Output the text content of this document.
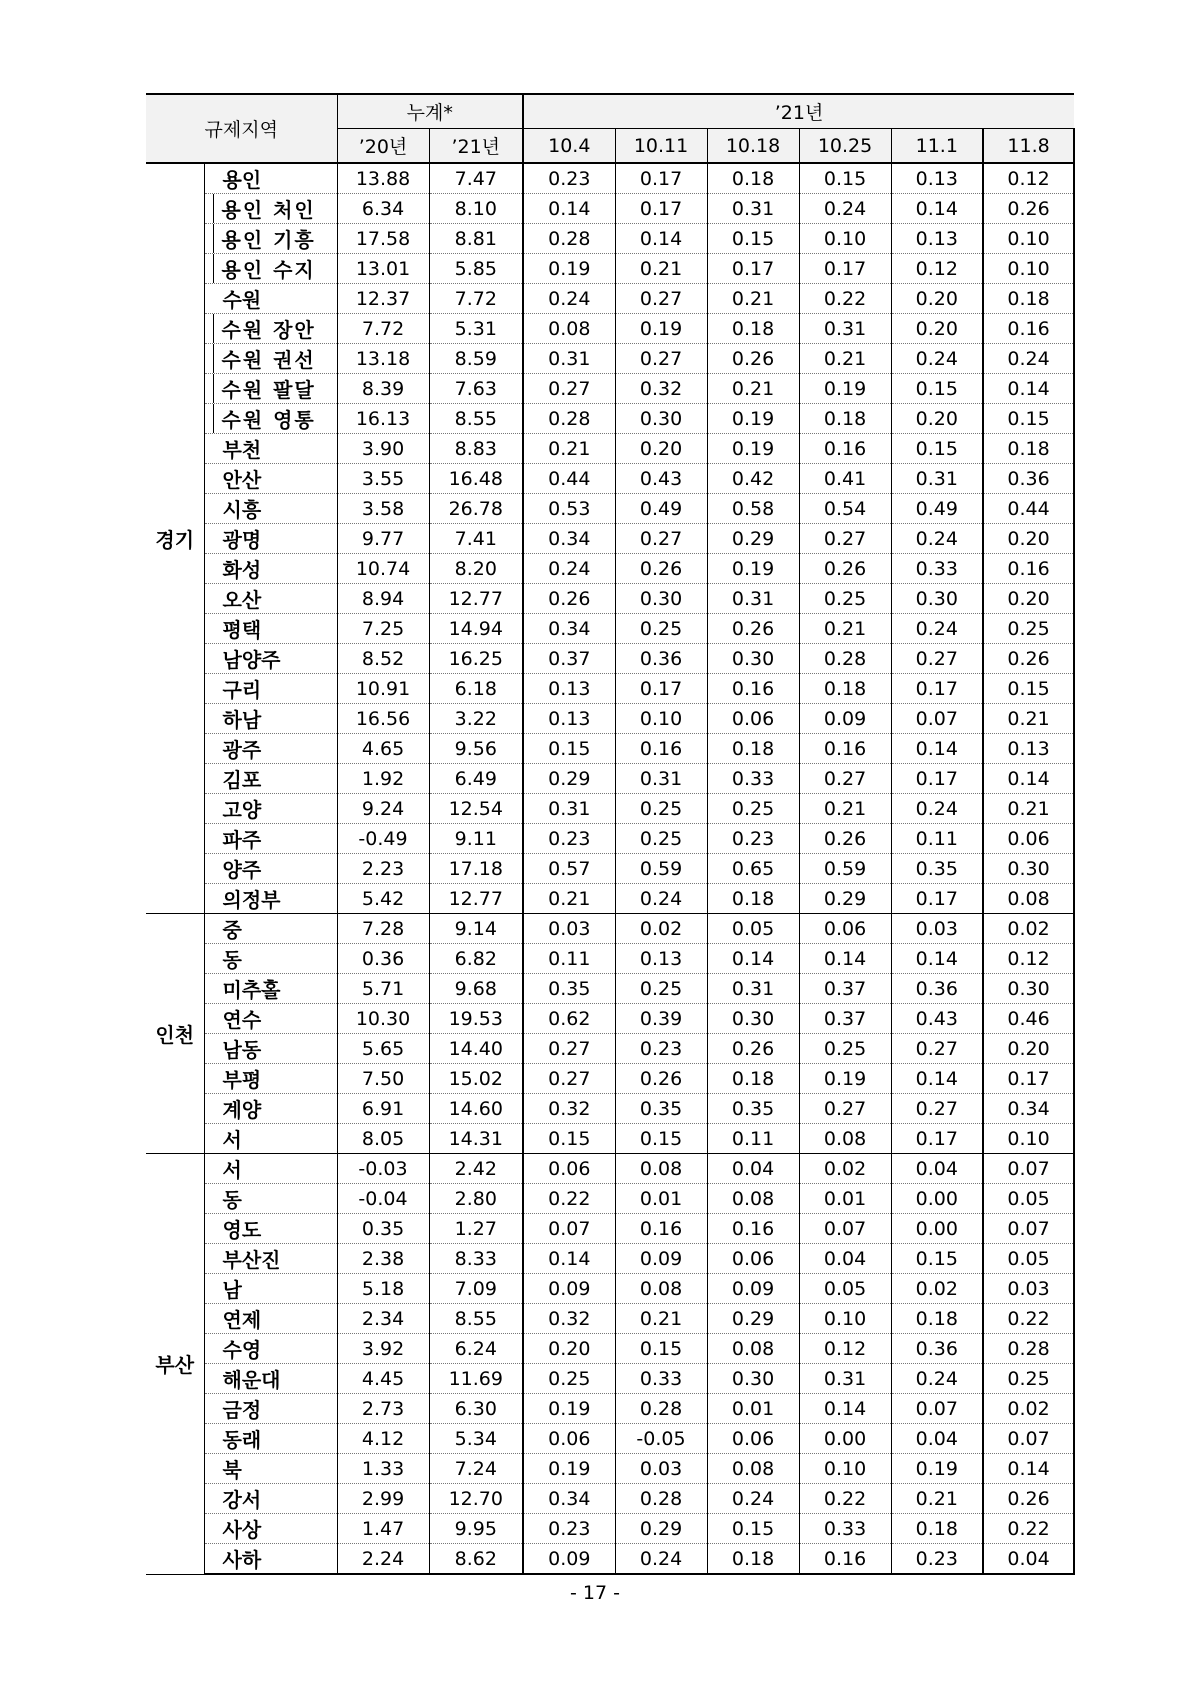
규제지역		누계*		’21년					
		’20년	’21년	10.4	10.11	10.18	10.25	11.1	11.8
경기	용인	13.88	7.47	0.23	0.17	0.18	0.15	0.13	0.12
	용인 처인	6.34	8.10	0.14	0.17	0.31	0.24	0.14	0.26
	용인 기흥	17.58	8.81	0.28	0.14	0.15	0.10	0.13	0.10
	용인 수지	13.01	5.85	0.19	0.21	0.17	0.17	0.12	0.10
	수원	12.37	7.72	0.24	0.27	0.21	0.22	0.20	0.18
	수원 장안	7.72	5.31	0.08	0.19	0.18	0.31	0.20	0.16
	수원 권선	13.18	8.59	0.31	0.27	0.26	0.21	0.24	0.24
	수원 팔달	8.39	7.63	0.27	0.32	0.21	0.19	0.15	0.14
	수원 영통	16.13	8.55	0.28	0.30	0.19	0.18	0.20	0.15
	부천	3.90	8.83	0.21	0.20	0.19	0.16	0.15	0.18
	안산	3.55	16.48	0.44	0.43	0.42	0.41	0.31	0.36
	시흥	3.58	26.78	0.53	0.49	0.58	0.54	0.49	0.44
	광명	9.77	7.41	0.34	0.27	0.29	0.27	0.24	0.20
	화성	10.74	8.20	0.24	0.26	0.19	0.26	0.33	0.16
	오산	8.94	12.77	0.26	0.30	0.31	0.25	0.30	0.20
	평택	7.25	14.94	0.34	0.25	0.26	0.21	0.24	0.25
	남양주	8.52	16.25	0.37	0.36	0.30	0.28	0.27	0.26
	구리	10.91	6.18	0.13	0.17	0.16	0.18	0.17	0.15
	하남	16.56	3.22	0.13	0.10	0.06	0.09	0.07	0.21
	광주	4.65	9.56	0.15	0.16	0.18	0.16	0.14	0.13
	김포	1.92	6.49	0.29	0.31	0.33	0.27	0.17	0.14
	고양	9.24	12.54	0.31	0.25	0.25	0.21	0.24	0.21
	파주	-0.49	9.11	0.23	0.25	0.23	0.26	0.11	0.06
	양주	2.23	17.18	0.57	0.59	0.65	0.59	0.35	0.30
	의정부	5.42	12.77	0.21	0.24	0.18	0.29	0.17	0.08
인천	중	7.28	9.14	0.03	0.02	0.05	0.06	0.03	0.02
	동	0.36	6.82	0.11	0.13	0.14	0.14	0.14	0.12
	미추홀	5.71	9.68	0.35	0.25	0.31	0.37	0.36	0.30
	연수	10.30	19.53	0.62	0.39	0.30	0.37	0.43	0.46
	남동	5.65	14.40	0.27	0.23	0.26	0.25	0.27	0.20
	부평	7.50	15.02	0.27	0.26	0.18	0.19	0.14	0.17
	계양	6.91	14.60	0.32	0.35	0.35	0.27	0.27	0.34
	서	8.05	14.31	0.15	0.15	0.11	0.08	0.17	0.10
부산	서	-0.03	2.42	0.06	0.08	0.04	0.02	0.04	0.07
	동	-0.04	2.80	0.22	0.01	0.08	0.01	0.00	0.05
	영도	0.35	1.27	0.07	0.16	0.16	0.07	0.00	0.07
	부산진	2.38	8.33	0.14	0.09	0.06	0.04	0.15	0.05
	남	5.18	7.09	0.09	0.08	0.09	0.05	0.02	0.03
	연제	2.34	8.55	0.32	0.21	0.29	0.10	0.18	0.22
	수영	3.92	6.24	0.20	0.15	0.08	0.12	0.36	0.28
	해운대	4.45	11.69	0.25	0.33	0.30	0.31	0.24	0.25
	금정	2.73	6.30	0.19	0.28	0.01	0.14	0.07	0.02
	동래	4.12	5.34	0.06	-0.05	0.06	0.00	0.04	0.07
	북	1.33	7.24	0.19	0.03	0.08	0.10	0.19	0.14
	강서	2.99	12.70	0.34	0.28	0.24	0.22	0.21	0.26
	사상	1.47	9.95	0.23	0.29	0.15	0.33	0.18	0.22
	사하	2.24	8.62	0.09	0.24	0.18	0.16	0.23	0.04
- 17 -
